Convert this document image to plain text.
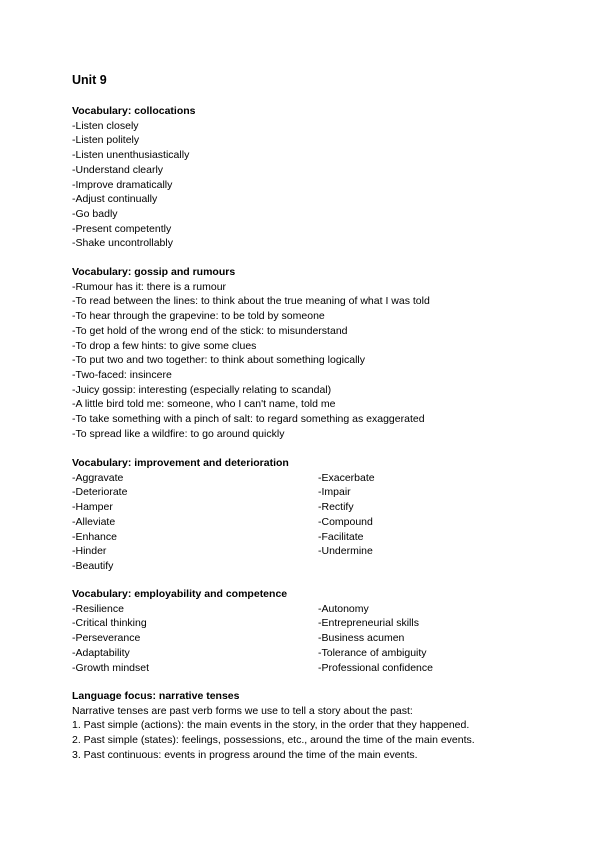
Unit 9
Vocabulary: collocations
-Listen closely
-Listen politely
-Listen unenthusiastically
-Understand clearly
-Improve dramatically
-Adjust continually
-Go badly
-Present competently
-Shake uncontrollably
Vocabulary: gossip and rumours
-Rumour has it: there is a rumour
-To read between the lines: to think about the true meaning of what I was told
-To hear through the grapevine: to be told by someone
-To get hold of the wrong end of the stick: to misunderstand
-To drop a few hints: to give some clues
-To put two and two together: to think about something logically
-Two-faced: insincere
-Juicy gossip: interesting (especially relating to scandal)
-A little bird told me: someone, who I can't name, told me
-To take something with a pinch of salt: to regard something as exaggerated
-To spread like a wildfire: to go around quickly
Vocabulary: improvement and deterioration
-Aggravate
-Deteriorate
-Hamper
-Alleviate
-Enhance
-Hinder
-Beautify
-Exacerbate
-Impair
-Rectify
-Compound
-Facilitate
-Undermine
Vocabulary: employability and competence
-Resilience
-Critical thinking
-Perseverance
-Adaptability
-Growth mindset
-Autonomy
-Entrepreneurial skills
-Business acumen
-Tolerance of ambiguity
-Professional confidence
Language focus: narrative tenses
Narrative tenses are past verb forms we use to tell a story about the past:
1. Past simple (actions): the main events in the story, in the order that they happened.
2. Past simple (states): feelings, possessions, etc., around the time of the main events.
3. Past continuous: events in progress around the time of the main events.
